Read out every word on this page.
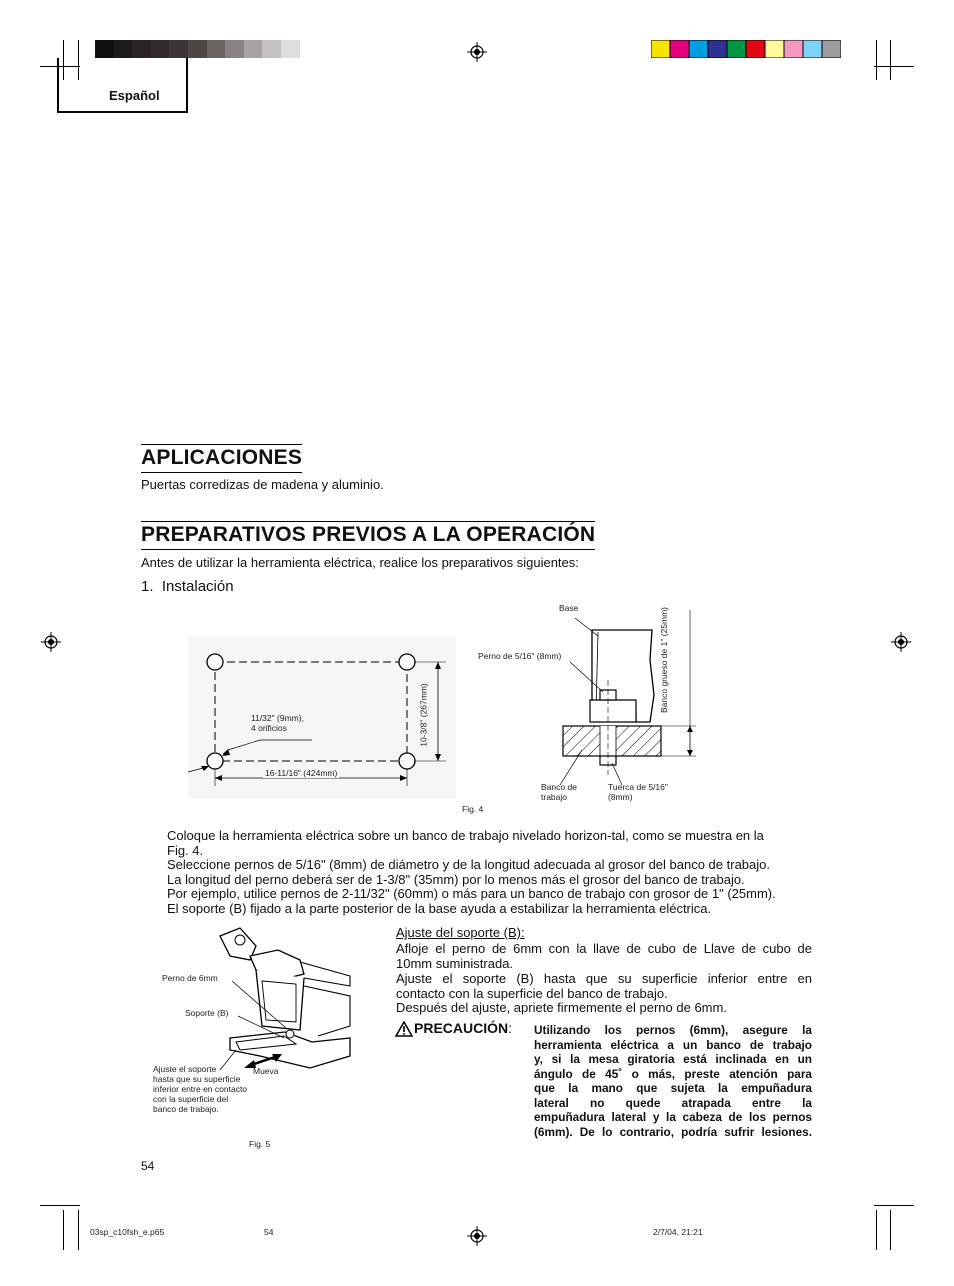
Español
APLICACIONES
Puertas corredizas de madena y aluminio.
PREPARATIVOS PREVIOS A LA OPERACIÓN
Antes de utilizar la herramienta eléctrica, realice los preparativos siguientes:
1.  Instalación
11/32" (9mm),
4 orificios
16-11/16" (424mm)
10-3/8" (267mm)
Base
Perno de 5/16" (8mm)	Banco grueso de 1" (25mm)
Banco de
trabajo
Tuerca de 5/16"
(8mm)
Fig. 4
Coloque la herramienta eléctrica sobre un banco de trabajo nivelado horizon-tal, como se muestra en la
Fig. 4.
Seleccione pernos de 5/16" (8mm) de diámetro y de la longitud adecuada al grosor del banco de trabajo.
La longitud del perno deberá ser de 1-3/8" (35mm) por lo menos más el grosor del banco de trabajo.
Por ejemplo, utilice pernos de 2-11/32" (60mm) o más para un banco de trabajo con grosor de 1" (25mm).
El soporte (B) fijado a la parte posterior de la base ayuda a estabilizar la herramienta eléctrica.
Perno de 6mm
Soporte (B)
Ajuste el soporte
hasta que su superficie
inferior entre en contacto
con la superficie del
banco de trabajo.
Mueva
Fig. 5
Ajuste del soporte (B):
Afloje el perno de 6mm con la llave de cubo de Llave de cubo de
10mm suministrada.
Ajuste el soporte (B) hasta que su superficie inferior entre en
contacto con la superficie del banco de trabajo.
Después del ajuste, apriete firmemente el perno de 6mm.
PRECAUCIÓN: Utilizando los pernos (6mm), asegure la
herramienta eléctrica a un banco de trabajo
y, si la mesa giratoria está inclinada en un
ángulo de 45˚ o más, preste atención para
que la mano que sujeta la empuñadura
lateral no quede atrapada entre la
empuñadura lateral y la cabeza de los pernos
(6mm). De lo contrario, podría sufrir lesiones.
54
03sp_c10fsh_e.p65	54	2/7/04, 21:21
